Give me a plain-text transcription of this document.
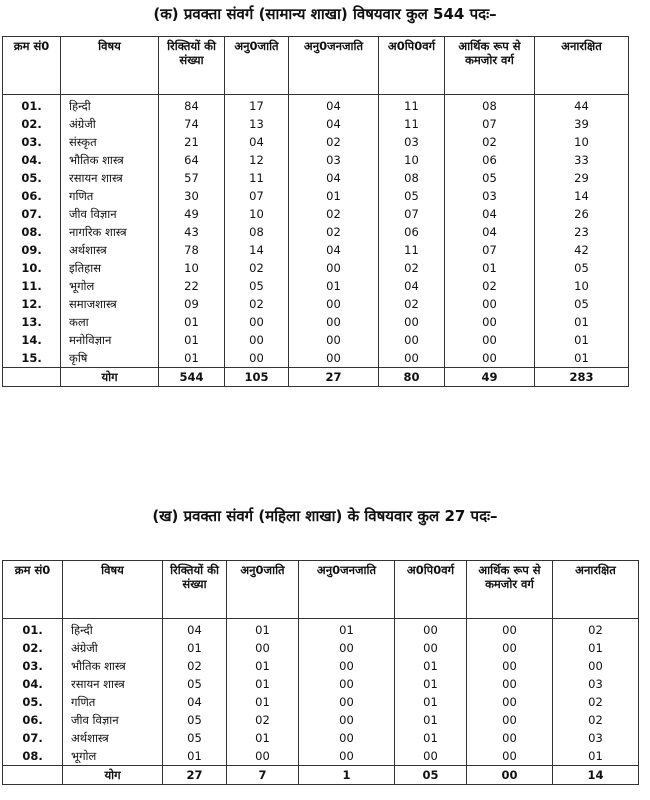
(क) प्रवक्ता संवर्ग (सामान्य शाखा) विषयवार कुल 544 पदः–
क्रम सं0	विषय	रिक्तियों की संख्या	अनु0जाति	अनु0जनजाति	अ0पि0वर्ग	आर्थिक रूप से कमजोर वर्ग	अनारक्षित
01.	हिन्दी	84	17	04	11	08	44
02.	अंग्रेजी	74	13	04	11	07	39
03.	संस्कृत	21	04	02	03	02	10
04.	भौतिक शास्त्र	64	12	03	10	06	33
05.	रसायन शास्त्र	57	11	04	08	05	29
06.	गणित	30	07	01	05	03	14
07.	जीव विज्ञान	49	10	02	07	04	26
08.	नागरिक शास्त्र	43	08	02	06	04	23
09.	अर्थशास्त्र	78	14	04	11	07	42
10.	इतिहास	10	02	00	02	01	05
11.	भूगोल	22	05	01	04	02	10
12.	समाजशास्त्र	09	02	00	02	00	05
13.	कला	01	00	00	00	00	01
14.	मनोविज्ञान	01	00	00	00	00	01
15.	कृषि	01	00	00	00	00	01
	योग	544	105	27	80	49	283
(ख) प्रवक्ता संवर्ग (महिला शाखा) के विषयवार कुल 27 पदः–
क्रम सं0	विषय	रिक्तियों की संख्या	अनु0जाति	अनु0जनजाति	अ0पि0वर्ग	आर्थिक रूप से कमजोर वर्ग	अनारक्षित
01.	हिन्दी	04	01	01	00	00	02
02.	अंग्रेजी	01	00	00	00	00	01
03.	भौतिक शास्त्र	02	01	00	01	00	00
04.	रसायन शास्त्र	05	01	00	01	00	03
05.	गणित	04	01	00	01	00	02
06.	जीव विज्ञान	05	02	00	01	00	02
07.	अर्थशास्त्र	05	01	00	01	00	03
08.	भूगोल	01	00	00	00	00	01
	योग	27	7	1	05	00	14
